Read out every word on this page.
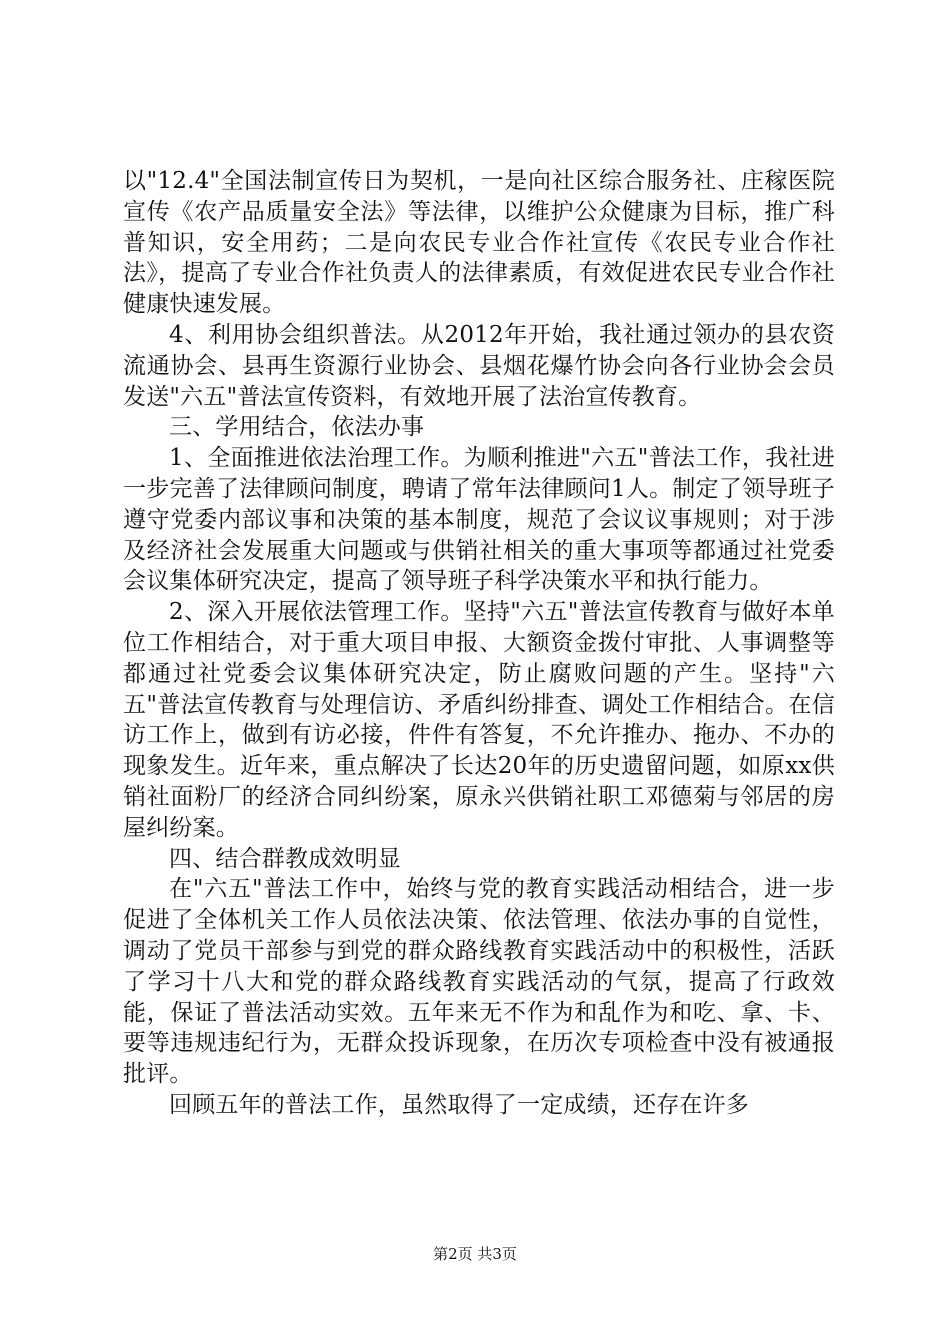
以"12.4"全国法制宣传日为契机，一是向社区综合服务社、庄稼医院宣传《农产品质量安全法》等法律，以维护公众健康为目标，推广科普知识，安全用药；二是向农民专业合作社宣传《农民专业合作社法》，提高了专业合作社负责人的法律素质，有效促进农民专业合作社健康快速发展。

4、利用协会组织普法。从2012年开始，我社通过领办的县农资流通协会、县再生资源行业协会、县烟花爆竹协会向各行业协会会员发送"六五"普法宣传资料，有效地开展了法治宣传教育。

三、学用结合，依法办事

1、全面推进依法治理工作。为顺利推进"六五"普法工作，我社进一步完善了法律顾问制度，聘请了常年法律顾问1人。制定了领导班子遵守党委内部议事和决策的基本制度，规范了会议议事规则；对于涉及经济社会发展重大问题或与供销社相关的重大事项等都通过社党委会议集体研究决定，提高了领导班子科学决策水平和执行能力。

2、深入开展依法管理工作。坚持"六五"普法宣传教育与做好本单位工作相结合，对于重大项目申报、大额资金拨付审批、人事调整等都通过社党委会议集体研究决定，防止腐败问题的产生。坚持"六五"普法宣传教育与处理信访、矛盾纠纷排查、调处工作相结合。在信访工作上，做到有访必接，件件有答复，不允许推办、拖办、不办的现象发生。近年来，重点解决了长达20年的历史遗留问题，如原xx供销社面粉厂的经济合同纠纷案，原永兴供销社职工邓德菊与邻居的房屋纠纷案。

四、结合群教成效明显

在"六五"普法工作中，始终与党的教育实践活动相结合，进一步促进了全体机关工作人员依法决策、依法管理、依法办事的自觉性，调动了党员干部参与到党的群众路线教育实践活动中的积极性，活跃了学习十八大和党的群众路线教育实践活动的气氛，提高了行政效能，保证了普法活动实效。五年来无不作为和乱作为和吃、拿、卡、要等违规违纪行为，无群众投诉现象，在历次专项检查中没有被通报批评。

回顾五年的普法工作，虽然取得了一定成绩，还存在许多

第2页 共3页
